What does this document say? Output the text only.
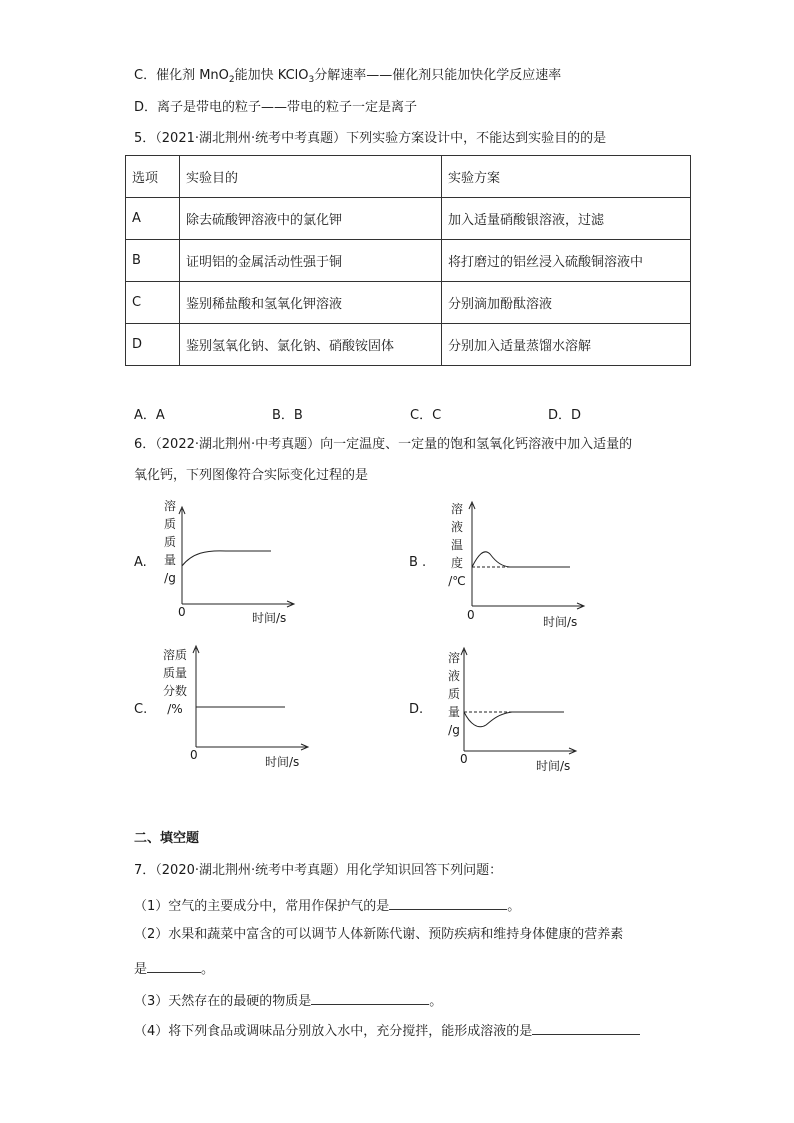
C．催化剂 MnO$_2$能加快 KClO$_3$分解速率——催化剂只能加快化学反应速率
D．离子是带电的粒子——带电的粒子一定是离子
5．（2021·湖北荆州·统考中考真题）下列实验方案设计中，不能达到实验目的的是
选项	实验目的	实验方案
A	除去硫酸钾溶液中的氯化钾	加入适量硝酸银溶液，过滤
B	证明铝的金属活动性强于铜	将打磨过的铝丝浸入硫酸铜溶液中
C	鉴别稀盐酸和氢氧化钾溶液	分别滴加酚酞溶液
D	鉴别氢氧化钠、氯化钠、硝酸铵固体	分别加入适量蒸馏水溶解
A．A	B．B	C．C	D．D
6．（2022·湖北荆州·中考真题）向一定温度、一定量的饱和氢氧化钙溶液中加入适量的
氧化钙，下列图像符合实际变化过程的是
A.
溶
质
质
量
/g
0	时间/s
B .
溶
液
温
度
/℃
0	时间/s
C.
溶质
质量
分数
/%
0	时间/s
D.
溶
液
质
量
/g
0	时间/s
二、填空题
7．（2020·湖北荆州·统考中考真题）用化学知识回答下列问题：
（1）空气的主要成分中，常用作保护气的是	。
（2）水果和蔬菜中富含的可以调节人体新陈代谢、预防疾病和维持身体健康的营养素
是	。
（3）天然存在的最硬的物质是	。
（4）将下列食品或调味品分别放入水中，充分搅拌，能形成溶液的是
